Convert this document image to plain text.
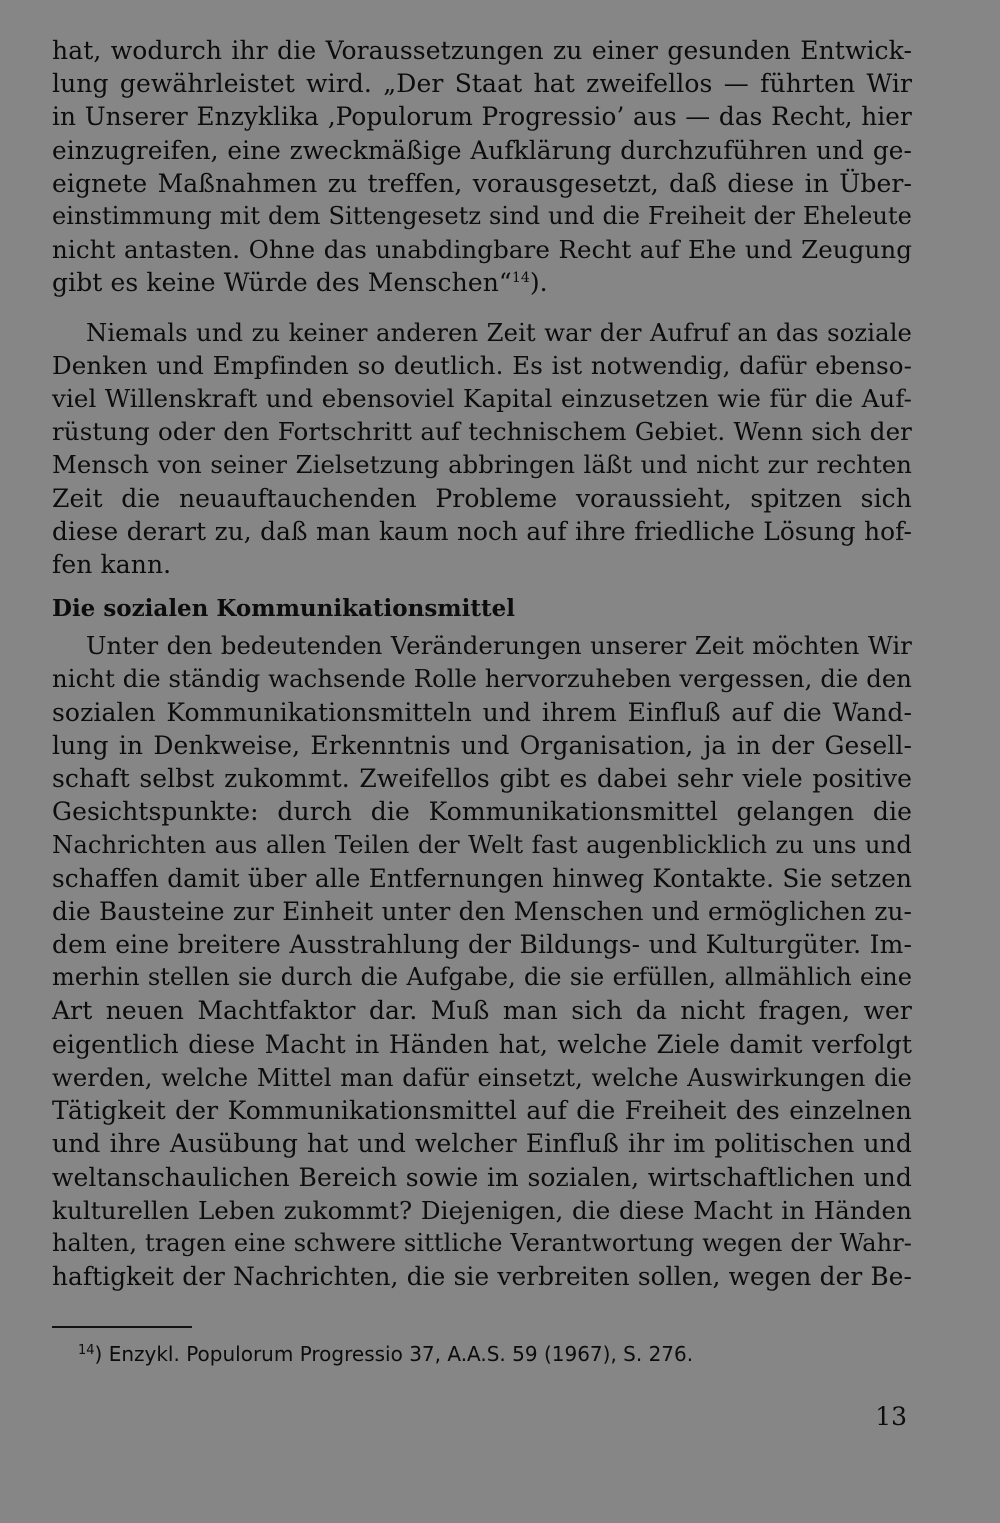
hat, wodurch ihr die Voraussetzungen zu einer gesunden Entwick-
lung gewährleistet wird. „Der Staat hat zweifellos — führten Wir
in Unserer Enzyklika ‚Populorum Progressio’ aus — das Recht, hier
einzugreifen, eine zweckmäßige Aufklärung durchzuführen und ge-
eignete Maßnahmen zu treffen, vorausgesetzt, daß diese in Über-
einstimmung mit dem Sittengesetz sind und die Freiheit der Eheleute
nicht antasten. Ohne das unabdingbare Recht auf Ehe und Zeugung
gibt es keine Würde des Menschen“$^{14}$).
Niemals und zu keiner anderen Zeit war der Aufruf an das soziale
Denken und Empfinden so deutlich. Es ist notwendig, dafür ebenso-
viel Willenskraft und ebensoviel Kapital einzusetzen wie für die Auf-
rüstung oder den Fortschritt auf technischem Gebiet. Wenn sich der
Mensch von seiner Zielsetzung abbringen läßt und nicht zur rechten
Zeit die neuauftauchenden Probleme voraussieht, spitzen sich
diese derart zu, daß man kaum noch auf ihre friedliche Lösung hof-
fen kann.
Die sozialen Kommunikationsmittel
Unter den bedeutenden Veränderungen unserer Zeit möchten Wir
nicht die ständig wachsende Rolle hervorzuheben vergessen, die den
sozialen Kommunikationsmitteln und ihrem Einfluß auf die Wand-
lung in Denkweise, Erkenntnis und Organisation, ja in der Gesell-
schaft selbst zukommt. Zweifellos gibt es dabei sehr viele positive
Gesichtspunkte: durch die Kommunikationsmittel gelangen die
Nachrichten aus allen Teilen der Welt fast augenblicklich zu uns und
schaffen damit über alle Entfernungen hinweg Kontakte. Sie setzen
die Bausteine zur Einheit unter den Menschen und ermöglichen zu-
dem eine breitere Ausstrahlung der Bildungs- und Kulturgüter. Im-
merhin stellen sie durch die Aufgabe, die sie erfüllen, allmählich eine
Art neuen Machtfaktor dar. Muß man sich da nicht fragen, wer
eigentlich diese Macht in Händen hat, welche Ziele damit verfolgt
werden, welche Mittel man dafür einsetzt, welche Auswirkungen die
Tätigkeit der Kommunikationsmittel auf die Freiheit des einzelnen
und ihre Ausübung hat und welcher Einfluß ihr im politischen und
weltanschaulichen Bereich sowie im sozialen, wirtschaftlichen und
kulturellen Leben zukommt? Diejenigen, die diese Macht in Händen
halten, tragen eine schwere sittliche Verantwortung wegen der Wahr-
haftigkeit der Nachrichten, die sie verbreiten sollen, wegen der Be-
$^{14}$) Enzykl. Populorum Progressio 37, A.A.S. 59 (1967), S. 276.
13
